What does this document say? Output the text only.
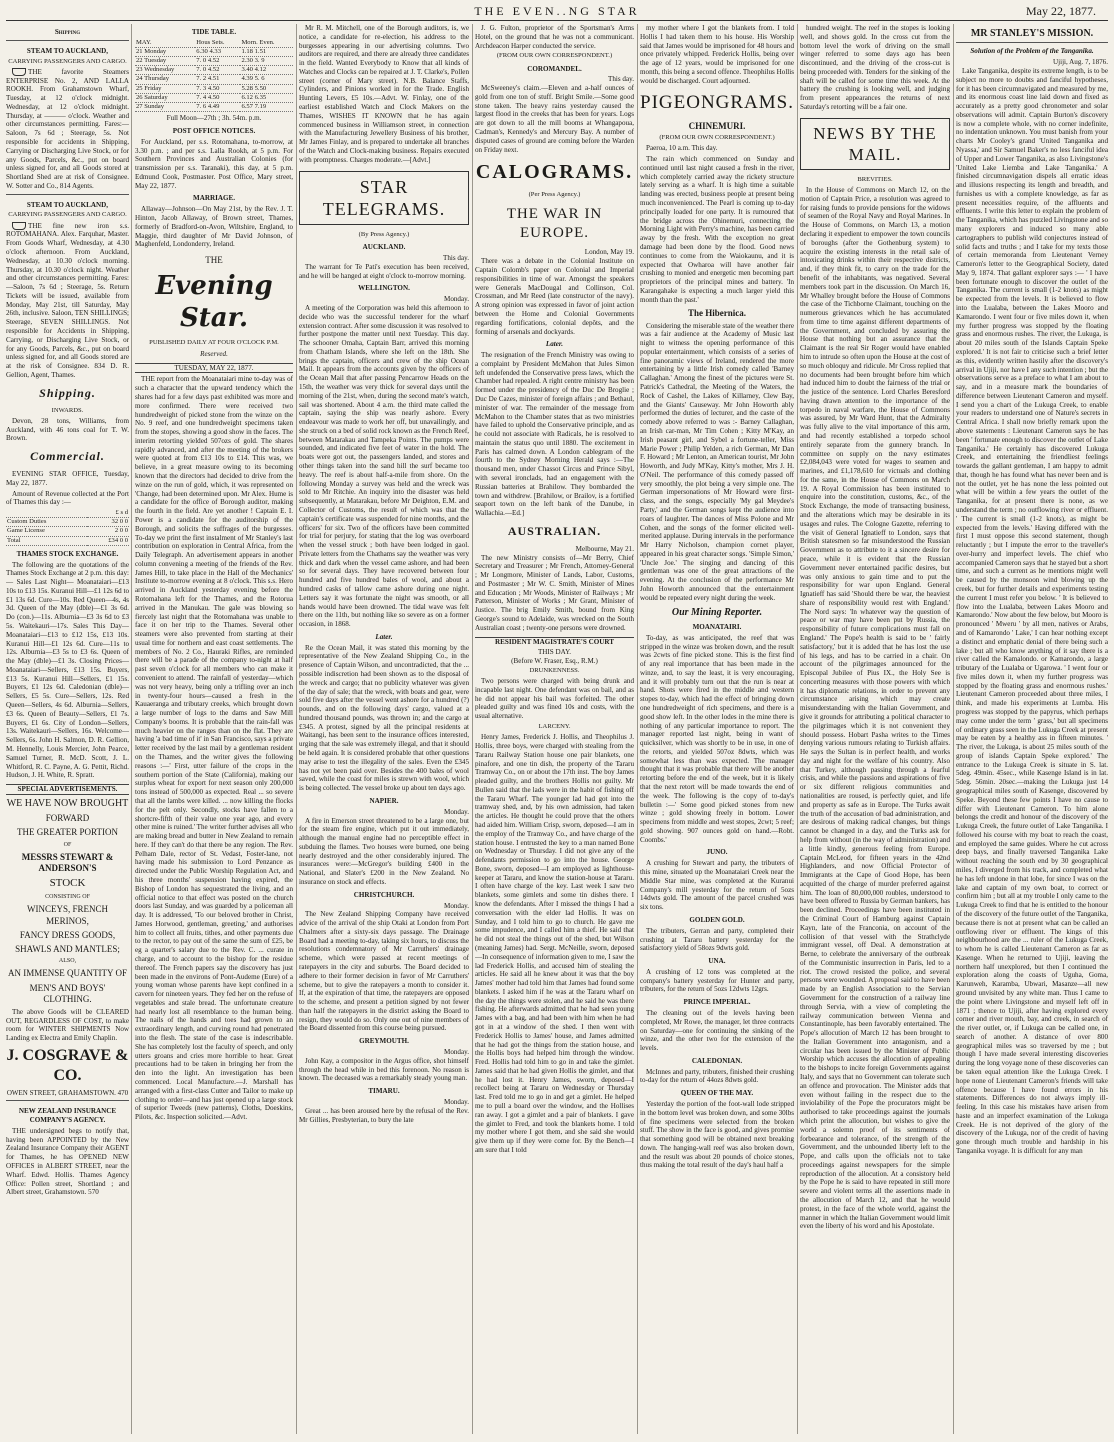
THE EVEN..NG STAR	May 22, 1877.
Shipping
STEAM TO AUCKLAND,
CARRYING PASSENGERS AND CARGO.

THE favorite Steamers ENTERPRISE No. 2, AND LALLA ROOKH. From Grahamstown Wharf, Tuesday, at 12 o'clock midnight. Wednesday, at 12 o'clock midnight. Thursday, at ——— o'clock. Weather and other circumstances permitting. Fares:—Saloon, 7s 6d ; Steerage, 5s. Not responsible for accidents in Shipping, Carrying or Discharging Live Stock, or for any Goods, Parcels, &c., put on board unless signed for, and all Goods stored at Shortland Shed are at risk of Consignee. W. Sotter and Co., 814 Agents.

STEAM TO AUCKLAND,
CARRYING PASSENGERS AND CARGO.

THE fine new iron s.s. ROTOMAHANA. Alex. Farquhar, Master. From Goods Wharf, Wednesday, at 4.30 o'clock afternoon. From Auckland, Wednesday, at 10.30 o'clock morning. Thursday, at 10.30 o'clock night. Weather and other circumstances permitting. Fares:—Saloon, 7s 6d ; Steerage, 5s. Return Tickets will be issued, available from Monday, May 21st, till Saturday, May 26th, inclusive. Saloon, TEN SHILLINGS; Steerage, SEVEN SHILLINGS. Not responsible for Accidents in Shipping, Carrying, or Discharging Live Stock, or for any Goods, Parcels, &c., put on board unless signed for, and all Goods stored are at the risk of Consignee. 834 D. R. Gellion, Agent, Thames.

Shipping.
INWARDS.

Devon, 28 tons, Williams, from Auckland, with 46 tons coal for T. W. Brown.

Commercial.

EVENING STAR OFFICE, Tuesday, May 22, 1877.

Amount of Revenue collected at the Port of Thames this day :—

	£ s d
Custom Duties	32 0 0
Game License	2 0 0
Total	£34 0 0
THAMES STOCK EXCHANGE.

The following are the quotations of the Thames Stock Exchange at 2 p.m. this day:— Sales Last Night— Moanataiari—£13 10s to £13 15s. Kuranui Hill—£1 12s 6d to £1 13s 6d. Cure—10s. Red Queen—4s, 4s 3d. Queen of the May (dble)—£1 3s 6d. Do (con.)—11s. Alburnia—£3 3s 6d to £3 5s. Waitekauri—17s. Sales This Day— Moanataiari—£13 to £12 15s, £13 10s. Kuranui Hill—£1 12s 6d. Cure—11s to 12s. Alburnia—£3 5s to £3 6s. Queen of the May (dble)—£1 3s. Closing Prices— Moanataiari—Sellers, £13 15s. Buyers, £13 5s. Kuranui Hill—Sellers, £1 15s. Buyers, £1 12s 6d. Caledonian (dble)—Sellers, £5 5s. Cure—Sellers, 12s. Red Queen—Sellers, 4s 6d. Alburnia—Sellers, £3 6s. Queen of Beauty—Sellers, £1 7s. Buyers, £1 6s. City of London—Sellers, 13s. Waitekauri—Sellers, 16s. Welcome—Sellers, 6s. John H. Salmon, D. R. Gellion, M. Hennelly, Louis Mercier, John Pearce, Samuel Turner, R. McD. Scott, J. L. Whitford, R. C. Payne, A. G. Pettit, Richd. Hudson, J. H. White, R. Spratt.

SPECIAL ADVERTISEMENTS.
WE HAVE NOW BROUGHT
FORWARD
THE GREATER PORTION
OF
MESSRS STEWART & ANDERSON'S
STOCK
CONSISTING OF
WINCEYS, FRENCH MERINOS,
FANCY DRESS GOODS,
SHAWLS AND MANTLES;
ALSO,
AN IMMENSE QUANTITY OF
MEN'S AND BOYS' CLOTHING.

The above Goods will be CLEARED OUT, REGARDLESS OF COST, to make room for WINTER SHIPMENTS Now Landing ex Electra and Emily Chaplin.

J. COSGRAVE & CO.
OWEN STREET, GRAHAMSTOWN. 470
NEW ZEALAND INSURANCE COMPANY'S AGENCY.

THE undersigned begs to notify that, having been APPOINTED by the New Zealand Insurance Company their AGENT for Thames, he has OPENED NEW OFFICES in ALBERT STREET, near the Wharf. Edwd. Hollis. Thames Agency Office: Pollen street, Shortland ; and Albert street, Grahamstown. 570

TIDE TABLE.
MAY.	Hous Sets.	Morn. Even.
21 Monday	6.30 4.33	1.18 1.51
22 Tuesday	7. 0 4.52	2.30 3. 9
23 Wednesday	7. 0 4.52	3.40 4.12
24 Thursday	7. 2 4.51	4.39 5. 6
25 Friday	7. 3 4.50	5.28 5.50
26 Saturday	7. 4 4.50	6.12 6.35
27 Sunday	7. 6 4.49	6.57 7.19
Full Moon—27th ; 3h. 54m. p.m.
POST OFFICE NOTICES.

For Auckland, per s.s. Rotomahana, to-morrow, at 3.30 p.m. ; and per s.s. Lalla Rookh, at 5 p.m. For Southern Provinces and Australian Colonies (for transmission per s.s. Taranaki), this day, at 5 p.m. Edmund Cook, Postmaster. Post Office, Mary street, May 22, 1877.

MARRIAGE.

Allaway—Johnson—On May 21st, by the Rev. J. T. Hinton, Jacob Allaway, of Brown street, Thames, formerly of Bradford-on-Avon, Wiltshire, England, to Maggie, third daughter of Mr David Johnson, of Maghenfeld, Londonderry, Ireland.

THE
Evening Star.
PUBLISHED DAILY AT FOUR O'CLOCK P.M.
Reserved.
TUESDAY, MAY 22, 1877.

THE report from the Moanataiari mine to-day was of such a character that the upward tendency which the shares had for a few days past exhibited was more and more confirmed. There were received two hundredweight of picked stone from the winze on the No. 9 reef, and one hundredweight specimens taken from the stopes, showing a good show in the faces. The interim retorting yielded 507ozs of gold. The shares rapidly advanced, and after the meeting of the brokers were quoted at from £13 10s to £14. This was, we believe, in a great measure owing to its becoming known that the directors had decided to drive from the winze on the run of gold, which, it was represented on 'Change, had been determined upon. Mr Alex. Hume is a candidate for the office of Borough auditor, making the fourth in the field. Are yet another ! Captain E. I. Power is a candidate for the auditorship of the Borough, and solicits the suffrages of the burgesses. To-day we print the first instalment of Mr Stanley's last contribution on exploration in Central Africa, from the Daily Telegraph. An advertisement appears in another column convening a meeting of the friends of the Rev. James Hill, to take place in the Hall of the Mechanics' Institute to-morrow evening at 8 o'clock. This s.s. Hero arrived in Auckland yesterday evening before the Rotomahana left for the Thames, and the Rotorua arrived in the Manukau. The gale was blowing so fiercely last night that the Rotomahana was unable to face it on her trip to the Thames. Several other steamers were also prevented from starting at their usual time for northern and east coast settlements. The members of No. 2 Co., Hauraki Rifles, are reminded there will be a parade of the company to-night at half past seven o'clock for all members who can make it convenient to attend. The rainfall of yesterday—which was not very heavy, being only a trifling over an inch in twenty-four hours—caused a fresh in the Kauaeranga and tributary creeks, which brought down a large number of logs to the dams and Saw Mill Company's booms. It is probable that the rain-fall was much heavier on the ranges than on the flat. They are having 'a bad time of it' in San Francisco, says a private letter received by the last mail by a gentleman resident on the Thames, and the writer gives the following reasons :—' First, utter failure of the crops in the southern portion of the State (California), making our surplus wheat for export for next season only 200,000 tons instead of 500,000 as expected. Real ... so severe that all the lambs were killed. ... now killing the flocks for the pelt only. Secondly, stocks have fallen to a shortcre-fifth of their value one year ago, and every other mine is ruined.' The writer further advises all who are making bread and butter in New Zealand to remain here. If they can't do that there be any region. The Rev. Pelham Dale, rector of St. Vedast, Foster-lane, not having made his submission to Lord Penzance as directed under the Public Worship Regulation Act, and his three months' suspension having expired, the Bishop of London has sequestrated the living, and an official notice to that effect was posted on the church doors last Sunday, and was guarded by a policeman all day. It is addressed, 'To our beloved brother in Christ, James Horwood, gentleman, greeting,' and authorises him to collect all fruits, tithes, and other payments due to the rector, to pay out of the same the sum of £25, be eg a quarter's salary due to the Rev. C. ... curate in charge, and to account to the bishop for the residue thereof. The French papers say the discovery has just been made in the environs of Pont-Audeme (Eure) of a young woman whose parents have kept confined in a cavern for nineteen years. They fed her on the refuse of vegetables and stale bread. The unfortunate creature had nearly lost all resemblance to the human being. The nails of the hands and toes had grown to an extraordinary length, and curving round had penetrated into the flesh. The state of the case is indescribable. She has completely lost the faculty of speech, and only utters groans and cries more horrible to hear. Great precautions had to be taken in bringing her from the den into the light. An investigation has been commenced. Local Manufacture.—J. Marshall has arranged with a first-class Cutter and Tailor to make up clothing to order—and has just opened up a large stock of superior Tweeds (new patterns), Cloths, Doeskins, Pilots, &c. Inspection solicited.—Advt.

Mr R. M. Mitchell, one of the Borough auditors, is, we notice, a candidate for re-election, his address to the burgesses appearing in our advertising columns. Two auditors are required, and there are already three candidates in the field. Wanted Everybody to Know that all kinds of Watches and Clocks can be repaired at J. T. Clarke's, Pollen street (corner of Mary street). N.B. Balance Staffs, Cylinders, and Pinions worked in for the Trade. English Hunting Levers, £5 10s.—Advt. W. Finlay, one of the earliest established Watch and Clock Makers on the Thames, WISHES IT KNOWN that he has again commenced business in Williamson street, in connection with the Manufacturing Jewellery Business of his brother, Mr James Finlay, and is prepared to undertake all branches of the Watch and Clock-making business. Repairs executed with promptness. Charges moderate.—[Advt.]

STAR TELEGRAMS.
(By Press Agency.)
AUCKLAND.
This day.

The warrant for Te Pati's execution has been received, and he will be hanged at eight o'clock to-morrow morning.

WELLINGTON.
Monday.

A meeting of the Corporation was held this afternoon to decide who was the successful tenderer for the wharf extension contract. After some discussion it was resolved to further postpone the matter until next Tuesday. This day. The schooner Omaha, Captain Barr, arrived this morning from Chatham Islands, where she left on the 18th. She brings the captain, officers and crew of the ship Ocean Mail. It appears from the accounts given by the officers of the Ocean Mail that after passing Pencarrow Heads on the 15th, the weather was very thick for several days until the morning of the 21st, when, during the second mate's watch, sail was shortened. About 4 a.m. the third mate called the captain, saying the ship was nearly ashore. Every endeavour was made to work her off, but unavailingly, and she struck on a bed of solid rock known as the French Reef, between Matarakau and Tampeka Points. The pumps were sounded, and indicated five feet of water in the hold. The boats were got out, the passengers landed, and stores and other things taken into the sand hill the surf became too heavy. The reef is about half-a-mile from shore. On the following Monday a survey was held and the wreck was sold to Mr Ritchie. An inquiry into the disaster was held subsequently, at Matarakau, before Mr Deighton, E.M. and Collector of Customs, the result of which was that the captain's certificate was suspended for nine months, and the officers' for six. Two of the officers have been committed for trial for perjury, for stating that the log was overboard when the vessel struck ; both have been lodged in gaol. Private letters from the Chathams say the weather was very thick and dark when the vessel came ashore, and had been so for several days. They have recovered between four hundred and five hundred bales of wool, and about a hundred casks of tallow came ashore during one night. Letters say it was fortunate the night was smooth, or all hands would have been drowned. The tidal wave was felt there on the 11th, but nothing like so severe as on a former occasion, in 1868.

Later.

Re the Ocean Mail, it was stated this morning by the representative of the New Zealand Shipping Co., in the presence of Captain Wilson, and uncontradicted, that the ... possible indiscretion had been shown as to the disposal of the wreck and cargo; that no publicity whatever was given of the day of sale; that the wreck, with boats and gear, were sold five days after the vessel went ashore for a hundred (?) pounds, and on the following days' cargo, valued at a hundred thousand pounds, was thrown in; and the cargo at £345. A protest, signed by all the principal residents at Waitangi, has been sent to the insurance offices interested, urging that the sale was extremely illegal, and that it should be held again. It is considered probable that other questions may arise to test the illegality of the sales. Even the £345 has not yet been paid over. Besides the 400 bales of wool saved, while the coast for miles is strewn with wool, which is being collected. The vessel broke up about ten days ago.

NAPIER.
Monday.

A fire in Emerson street threatened to be a large one, but for the steam fire engine, which put it out immediately, although the manual engine had no perceptible effect in subduing the flames. Two houses were burned, one being nearly destroyed and the other considerably injured. The insurances were:—McGregor's building £400 in the National, and Slater's £200 in the New Zealand. No insurance on stock and effects.

CHRISTCHURCH.
Monday.

The New Zealand Shipping Company have received advice of the arrival of the ship Otaki at London from Port Chalmers after a sixty-six days passage. The Drainage Board had a meeting to-day, taking six hours, to discuss the resolutions condemnatory of Mr Carruthers' drainage scheme, which were passed at recent meetings of ratepayers in the city and suburbs. The Board decided to adhere to their former decision in favor of Mr Carruthers' scheme, but to give the ratepayers a month to consider it. If, at the expiration of that time, the ratepayers are opposed to the scheme, and present a petition signed by not fewer than half the ratepayers in the district asking the Board to resign, they would do so. Only one out of nine members of the Board dissented from this course being pursued.

GREYMOUTH.
Monday.

John Kay, a compositor in the Argus office, shot himself through the head while in bed this forenoon. No reason is known. The deceased was a remarkably steady young man.

TIMARU.
Monday.

Great ... has been aroused here by the refusal of the Rev. Mr Gillies, Presbyterian, to bury the late

J. G. Fulton, proprietor of the Sportsman's Arms Hotel, on the ground that he was not a communicant. Archdeacon Harper conducted the service.

(FROM OUR OWN CORRESPONDENT.)
COROMANDEL.
This day.

McSweeney's claim.—Eleven and a-half ounces of gold from one ton of stuff. Bright Smile.—Some good stone taken. The heavy rains yesterday caused the largest flood in the creeks that has been for years. Logs are got down to all the mill booms at Whangapoua, Cadman's, Kennedy's and Mercury Bay. A number of disputed cases of ground are coming before the Warden on Friday next.

CALOGRAMS.
(Per Press Agency.)
THE WAR IN EUROPE.
London, May 19.

There was a debate in the Colonial Institute on Captain Colomb's paper on Colonial and Imperial responsibilities in time of war. Amongst the speakers were Generals MacDougal and Collinson, Col. Crossman, and Mr Reed (late constructor of the navy). A strong opinion was expressed in favor of joint action between the Home and Colonial Governments regarding fortifications, colonial depôts, and the forming of arsenals and dockyards.

Later.

The resignation of the French Ministry was owing to a complaint by President McMahon that Jules Simon left undefended the Conservative press laws, which the Chamber had repealed. A right centre ministry has been formed under the presidency of the Duc De Broglie ; Duc De Cazes, minister of foreign affairs ; and Bethaul, minister of war. The remainder of the message from McMahon to the Chamber states that as two ministries have failed to uphold the Conservative principle, and as he could not associate with Radicals, he is resolved to maintain the status quo until 1880. The excitement in Paris has calmed down. A London cablegram of the fourth to the Sydney Morning Herald says :—The thousand men, under Chassot Circus and Prince Sibyl, with several ironclads, had an engagement with the Russian batteries at Brahilow. They bombarded the town and withdrew. [Brahilow, or Brailov, is a fortified seaport town on the left bank of the Danube, in Wallachia.—Ed.]

AUSTRALIAN.
Melbourne, May 21.

The new Ministry consists of—Mr Berry, Chief Secretary and Treasurer ; Mr French, Attorney-General ; Mr Longmore, Minister of Lands, Labor, Customs, and Postmaster ; Mr W. C. Smith, Minister of Mines and Education ; Mr Woods, Minister of Railways ; Mr Patterson, Minister of Works ; Mr Grant, Minister of Justice. The brig Emily Smith, bound from King George's sound to Adelaide, was wrecked on the South Australian coast ; twenty-one persons were drowned.

RESIDENT MAGISTRATE'S COURT
THIS DAY.
(Before W. Fraser, Esq., R.M.)
DRUNKENNESS.

Two persons were charged with being drunk and incapable last night. One defendant was on bail, and as he did not appear his bail was forfeited. The other pleaded guilty and was fined 10s and costs, with the usual alternative.

LARCENY.

Henry James, Frederick J. Hollis, and Theophilus J. Hollis, three boys, were charged with stealing from the Tararu Railway Station house one pair blankets, one pinafore, and one tin dish, the property of the Tararu Tramway Co., on or about the 17th inst. The boy James pleaded guilty, and the brothers Hollis not guilty. Mr Bullen said that the lads were in the habit of fishing off the Tararu Wharf. The younger lad had got into the tramway shed, and, by his own admission, had taken the articles. He thought he could prove that the others had aided him. William Crisp, sworn, deposed—I am in the employ of the Tramway Co., and have charge of the station house. I entrusted the key to a man named Bone on Wednesday or Thursday. I did not give any of the defendants permission to go into the house. George Bone, sworn, deposed—I am employed as lighthouse-keeper at Tararu, and know the station-house at Tararu. I often have charge of the key. Last week I saw two blankets, some gimlets and some tin dishes there. I know the defendants. After I missed the things I had a conversation with the elder lad Hollis. It was on Sunday, and I told him to go to church. He gave me some impudence, and I called him a thief. He said that he did not steal the things out of the shed, but Wilson (meaning James) had. Sergt. McNeille, sworn, deposed—In consequence of information given to me, I saw the lad Frederick Hollis, and accused him of stealing the articles. He said all he knew about it was that the boy James' mother had told him that James had found some blankets. I asked him if he was at the Tararu wharf on the day the things were stolen, and he said he was there fishing. He afterwards admitted that he had seen young James with a bag, and had been with him when he had got in at a window of the shed. I then went with Frederick Hollis to James' house, and James admitted that he had got the things from the station house, and the Hollis boys had helped him through the window. Fred. Hollis had told him to go in and take the gimlet. James said that he had given Hollis the gimlet, and that he had lost it. Henry James, sworn, deposed—I recollect being at Tararu on Wednesday or Thursday last. Fred told me to go in and get a gimlet. He helped me to pull a board over the window, and the Hollises ran away. I got a gimlet and a pair of blankets. I gave the gimlet to Fred, and took the blankets home. I told my mother where I got them, and she said she would give them up if they were come for. By the Bench—I am sure that I told

my mother where I got the blankets from. I told Hollis I had taken them to his house. His Worship said that James would be imprisoned for 48 hours and once privately whipped. Frederick Hollis, being over the age of 12 years, would be imprisoned for one month, this being a second offence. Theophilus Hollis would be discharged. Court adjourned.

PIGEONGRAMS.
CHINEMURI.
(FROM OUR OWN CORRESPONDENT.)

Paeroa, 10 a.m. This day.

The rain which commenced on Sunday and continued until last night caused a fresh in the river, which completely carried away the rickety structure lately serving as a wharf. It is high time a suitable landing was erected, business people at present being much inconvenienced. The Pearl is coming up to-day principally loaded for one party. It is rumoured that the bridge across the Ohinemuri, connecting the Morning Light with Perry's machine, has been carried away by the fresh. With the exception no great damage had been done by the flood. Good news continues to come from the Waiokaunu, and it is expected that Owharoa will have another fair crushing to monied and energetic men becoming part proprietors of the principal mines and battery. 'In Karangahake is expecting a much larger yield this month than the past.'

The Hibernica.

Considering the miserable state of the weather there was a fair audience at the Academy of Music last night to witness the opening performance of this popular entertainment, which consists of a series of fine panoramic views of Ireland, rendered the more entertaining by a little Irish comedy called 'Barney Callaghan.' Among the finest of the pictures were St. Patrick's Cathedral, the Meeting of the Waters, the Rock of Cashel, the Lakes of Killarney, Clew Bay, and the Giants' Causeway. Mr John Howorth ably performed the duties of lecturer, and the caste of the comedy above referred to was :- Barney Callaghan, an Irish car-man, Mr Tim Cohen ; Kitty M'Kay, an Irish peasant girl, and Sybel a fortune-teller, Miss Marie Power ; Philip Yelden, a rich German, Mr Dan F. Howard ; Mr Lenton, an American tourist, Mr John Howorth, and Judy M'Kay, Kitty's mother, Mrs J. H. O'Neil. The performance of this comedy passed off very smoothly, the plot being a very simple one. The German impersonations of Mr Howard were first-class, and the songs, especially 'My gal Meydee's Party,' and the German songs kept the audience into roars of laughter. The dances of Miss Polone and Mr Cohen, and the songs of the former elicited well-merited applause. During intervals in the performance Mr Harry Nicholson, champion cornet player, appeared in his great character songs. 'Simple Simon,' 'Uncle Joe.' The singing and dancing of this gentleman was one of the great attractions of the evening. At the conclusion of the performance Mr John Howorth announced that the entertainment would be repeated every night during the week.

Our Mining Reporter.
MOANATAIRI.

To-day, as was anticipated, the reef that was stripped in the winze was broken down, and the result was 2cwts of fine picked stone. This is the first find of any real importance that has been made in the winze, and, to say the least, it is very encouraging, and it will probably turn out that the run is near at hand. Shots were fired in the middle and western stopes to-day, which had the effect of bringing down one hundredweight of rich specimens, and there is a good show left. In the other lodes in the mine there is nothing of any particular importance to report. The manager reported last night, being in want of quicksilver, which was shortly to be in use, in one of the retorts, and yielded 507oz 8dwts, which was somewhat less than was expected. The manager thought that it was probable that there will be another retorting before the end of the week, but it is likely that the next retort will be made towards the end of the week. The following is the copy of to-day's bulletin :—' Some good picked stones from new winze ; gold showing freely in bottom. Lower specimens from middle and west stopes, 2cwt; 5 reef; gold showing. 907 ounces gold on hand.—Robt. Coombs.'

JUNO.

A crushing for Stewart and party, the tributers of this mine, situated up the Moanataiari Creek near the Middle Star mine, was completed at the Kuranui Company's mill yesterday for the return of 5ozs 14dwts gold. The amount of the parcel crushed was six tons.

GOLDEN GOLD.

The tributers, Gerran and party, completed their crushing at Tararu battery yesterday for the satisfactory yield of 58ozs 9dwts gold.

UNA.

A crushing of 12 tons was completed at the company's battery yesterday for Hunter and party, tributers, for the return of 5ozs 12dwts 12grs.

PRINCE IMPERIAL.

The cleaning out of the levels having been completed, Mr Rowe, the manager, let three contracts on Saturday—one for continuing the sinking of the winze, and the other two for the extension of the levels.

CALEDONIAN.

McInnes and party, tributers, finished their crushing to-day for the return of 44ozs 8dwts gold.

QUEEN OF THE MAY.

Yesterday the portion of the foot-wall lode stripped in the bottom level was broken down, and some 30lbs of fine specimens were selected from the broken stuff. The show in the face is good, and gives promise that something good will be obtained next breaking down. The hanging-wall reef was also broken down, and the result was about 20 pounds of choice stones, thus making the total result of the day's haul half a

hundred weight. The reef in the stopes is looking well, and shows gold. In the cross cut from the bottom level the work of driving on the small winger referred to some days ago has been discontinued, and the driving of the cross-cut is being proceeded with. Tenders for the sinking of the shaft will be called for some time this week. At the battery the crushing is looking well, and judging from present appearances the returns of next Saturday's retorting will be a fair one.

NEWS BY THE MAIL.
BREVITIES.

In the House of Commons on March 12, on the motion of Captain Price, a resolution was agreed to for raising funds to provide pensions for the widows of seamen of the Royal Navy and Royal Marines. In the House of Commons, on March 13, a motion declaring it expedient to empower the town councils of boroughs (after the Gothenburg system) to acquire the existing interests in the retail sale of intoxicating drinks within their respective districts, and, if they think fit, to carry on the trade for the benefit of the inhabitants, was negatived. Several members took part in the discussion. On March 16, Mr Whalley brought before the House of Commons the case of the Tichborne Claimant, touching on the numerous grievances which he has accumulated from time to time against different departments of the Government, and concluded by assuring the House that nothing but an assurance that the Claimant is the real Sir Roger would have enabled him to intrude so often upon the House at the cost of so much obloquy and ridicule. Mr Cross replied that no documents had been brought before him which had induced him to doubt the fairness of the trial or the justice of the sentence. Lord Charles Beresford having drawn attention to the importance of the torpedo in naval warfare, the House of Commons was assured, by Mr Ward Hunt, that the Admiralty was fully alive to the vital importance of this arm, and had recently established a torpedo school entirely separate from the gunnery branch. In committee on supply on the navy estimates £2,084,043 were voted for wages to seamen and marines, and £1,178,610 for victuals and clothing for the same, in the House of Commons on March 19. A Royal Commission has been instituted to enquire into the constitution, customs, &c., of the Stock Exchange, the mode of transacting business, and the alterations which may be desirable in its usages and rules. The Cologne Gazette, referring to the visit of General Ignatieff to London, says that British statesmen so far misunderstood the Russian Government as to attribute to it a sincere desire for peace, while it is evident that the Russian Government never entertained pacific desires, but was only anxious to gain time and to put the responsibility for war upon England. General Ignatieff has said 'Should there be war, the heaviest share of responsibility would rest with England.' The Nord says: 'In whatever way the question of peace or war may have been put by Russia, the responsibility of future complications must fall on England.' The Pope's health is said to be ' fairly satisfactory,' but it is added that he has lost the use of his legs, and has to be carried in a chair. On account of the pilgrimages announced for the Episcopal Jubilee of Pius IX., the Holy See is concerting measures with those powers with which it has diplomatic relations, in order to prevent any circumstance arising which may create misunderstanding with the Italian Government, and give it grounds for attributing a political character to the pilgrimages which it is not convenient they should possess. Hobart Pasha writes to the Times denying various rumours relating to Turkish affairs. He says the Sultan is in perfect health, and works day and night for the welfare of his country. Also that Turkey, although passing through a fearful crisis, and while the passions and aspirations of five or six different religious communities and nationalities are roused, is perfectly quiet, and life and property as safe as in Europe. The Turks await the truth of the accusation of bad administration, and are desirous of making radical changes, but things cannot be changed in a day, and the Turks ask for help from without (in the way of administration) and a little kindly, generous feeling from Europe. Captain McLeod, for fifteen years in the 42nd Highlanders, and now Official Protector of Immigrants at the Cape of Good Hope, has been acquitted of the charge of murder preferred against him. The loan of 80,000,000 roubles, understood to have been offered to Russia by German bankers, has been declined. Proceedings have been instituted in the Criminal Court of Hamburg against Captain Kayn, late of the Franconia, on account of the collision of that vessel with the Strathclyde immigrant vessel, off Deal. A demonstration at Berne, to celebrate the anniversary of the outbreak of the Communistic insurrection in Paris, led to a riot. The crowd resisted the police, and several persons were wounded. A proposal said to have been made by an English Association to the Servian Government for the construction of a railway line through Servia, with a view of completing the railway communication between Vienna and Constantinople, has been favorably entertained. The Pope's allocution of March 12 has been brought to the Italian Government into antagonism, and a circular has been issued by the Minister of Public Worship which accuses the allocution of appealing to the bishops to incite foreign Governments against Italy, and says that no Government can tolerate such an offence and provocation. The Minister adds that even without failing in the respect due to the inviolability of the Pope the procurators might be authorised to take proceedings against the journals which print the allocution, but wishes to give the world a solemn proof of its sentiments of forbearance and tolerance, of the strength of the Government, and the unbounded liberty left to the Pope, and calls upon the officials not to take proceedings against newspapers for the simple reproduction of the allocution. At a consistory held by the Pope he is said to have repeated in still more severe and violent terms all the assertions made in the allocution of March 12, and that he would protest, in the face of the whole world, against the manner in which the Italian Government would limit even the liberty of his word and his Apostolate.

MR STANLEY'S MISSION.
Solution of the Problem of the Tanganika.
Ujiji, Aug. 7, 1876.

Lake Tanganika, despite its extreme length, is to be subject no more to doubts and fanciful hypotheses, for it has been circumnavigated and measured by me, and its enormous coast line laid down and fixed as accurately as a pretty good chronometer and solar observations will admit. Captain Burton's discovery is now a complete whole, with no corner indefinite, no indentation unknown. You must banish from your charts Mr Cooley's grand 'United Tanganika and Nyassa,' and Sir Samuel Baker's no less fanciful idea of Upper and Lower Tanganika, as also Livingstone's 'United Lake Liemba and Lake Tanganika.' A finished circumnavigation dispels all erratic ideas and illusions respecting its length and breadth, and furnishes us with a complete knowledge, as far as present necessities require, of the affluents and effluents. I write this letter to explain the problem of the Tanganika, which has puzzled Livingstone and so many explorers and induced so many able cartographers to publish wild conjectures instead of solid facts and truths ; and I take for my texts those of certain memoranda from Lieutenant Verney Cameron's letter to the Geographical Society, dated May 9, 1874. That gallant explorer says :— ' I have been fortunate enough to discover the outlet of the Tanganika. The current is small (1-2 knots) as might be expected from the levels. It is believed to flow into the Lualaba, between the Lakes Mooro and Kamarondo. I went four or five miles down it, when my further progress was stopped by the floating grass and enormous rushes. The river, the Lukuga, is about 20 miles south of the Islands Captain Speke explored.' It is not fair to criticise such a brief letter as this, evidently written hastily after the discovery's arrival in Ujiji, nor have I any such intention ; but the observations serve as a preface to what I am about to say, and in a measure mark the boundaries of difference between Lieutenant Cameron and myself. I send you a chart of the Lukuga Creek, to enable your readers to understand one of Nature's secrets in Central Africa. I shall now briefly remark upon the above statements : Lieutenant Cameron says he has been ' fortunate enough to discover the outlet of Lake Tanganika.' He certainly has discovered Lukuga Creek, and entertaining the friendliest feelings towards the gallant gentleman, I am happy to admit that, though he has found what has never been and is not the outlet, yet he has none the less pointed out what will be within a few years the outlet of the Tanganika, for at present there is none, as we understand the term ; no outflowing river or effluent. ' The current is small (1-2 knots), as might be expected from the levels.' Having differed with the first I must oppose this second statement, though reluctantly ; but I impute the error to the traveller's over-hurry and imperfect levels. The chief who accompanied Cameron says that he stayed but a short time, and such a current as he mentions might well be caused by the monsoon wind blowing up the creek, but for further details and experiments testing the current I must refer you below. ' It is believed to flow into the Lualaba, between Lakes Mooro and Kamarondo.' Now about the few below, but Mooro is pronounced ' Mweru ' by all men, natives or Arabs, and of Kamarondo ' Lake,' I can hear nothing except a distinct and emphatic denial of there being such a lake ; but all who know anything of it say there is a river called the Kamalondo. or Kamarondo, a large tributary of the Lualaba or Ugarowa. ' I went four or five miles down it, when my further progress was stopped by the floating grass and enormous rushes.' Lieutenant Cameron proceeded about three miles, I think, and made his experiments at Lumba. His progress was stopped by the papyrus, which perhaps may come under the term ' grass,' but all specimens of ordinary grass seen in the Lukuga Creek at present may be eaten by a healthy ass in fifteen minutes. ' The river, the Lukuga, is about 25 miles south of the group of islands Captain Speke explored.' The entrance to the Lukuga Creek is situate in S. lat. 5deg. 49min. 45sec., while Kasenge Island is in lat. 5deg. 56min. 20sec.—making the Lukuga just 14 geographical miles south of Kasenge, discovered by Speke. Beyond these few points I have no cause to differ with Lieutenant Cameron. To him alone belongs the credit and honour of the discovery of the Lukuga Creek, the future outlet of Lake Tanganika. I followed his course with my boat to reach the coast, and employed the same guides. Where he cut across deep bays, and finally traversed Tanganika Lake without reaching the south end by 30 geographical miles, I diverged from his track, and completed what he has left undone in that lobe, for since I was on the lake and captain of my own boat, to correct or confirm him ; but all at my trouble I only came to the Lukuga Creek to find that he is entitled to the honour of the discovery of the future outlet of the Tanganika, because there is not at present what can be called an outflowing river or effluent. The kings of this neighbourhood are the ... ruler of the Lukuga Creek, to whom he is called Lieutenant Cameron as far as Kasenge. When he returned to Ujiji, leaving the northern half unexplored, but then I continued the exploration along the coasts of Uguha, Goma, Karunweh, Karamba, Ubwari, Masanze—all new ground unvisited by any white man. Thus I came to the point where Livingstone and myself left off in 1871 ; thence to Ujiji, after having explored every corner and river mouth, bay, and creek, in search of the river outlet, or, if Lukuga can be called one, in search of another. A distance of over 800 geographical miles was so traversed by me ; but though I have made several interesting discoveries during the long voyage none of these discoveries can be taken equal attention like the Lukuga Creek. I hope none of Lieutenant Cameron's friends will take offence because I have found errors in his statements. Differences do not always imply ill-feeling. In this case his mistakes have arisen from haste and an imperfect examination of the Lukuga Creek. He is not deprived of the glory of the discovery of the Lukuga, nor of the credit of having gone through much trouble and hardship in his Tanganika voyage. It is difficult for any man
